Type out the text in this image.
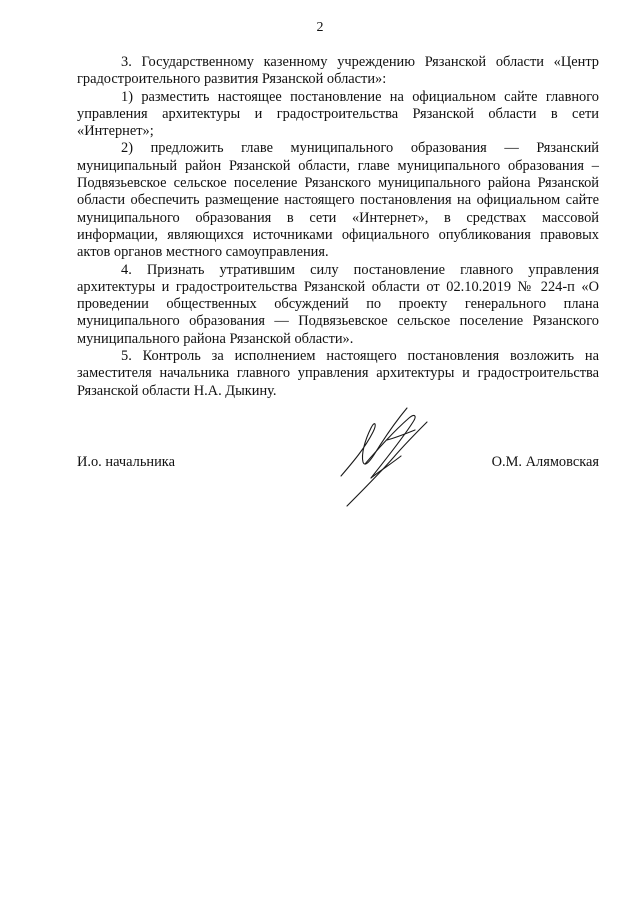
2

3. Государственному казенному учреждению Рязанской области «Центр градостроительного развития Рязанской области»:

1) разместить настоящее постановление на официальном сайте главного управления архитектуры и градостроительства Рязанской области в сети «Интернет»;

2) предложить главе муниципального образования — Рязанский муниципальный район Рязанской области, главе муниципального образования – Подвязьевское сельское поселение Рязанского муниципального района Рязанской области обеспечить размещение настоящего постановления на официальном сайте муниципального образования в сети «Интернет», в средствах массовой информации, являющихся источниками официального опубликования правовых актов органов местного самоуправления.

4. Признать утратившим силу постановление главного управления архитектуры и градостроительства Рязанской области от 02.10.2019 № 224-п «О проведении общественных обсуждений по проекту генерального плана муниципального образования — Подвязьевское сельское поселение Рязанского муниципального района Рязанской области».

5. Контроль за исполнением настоящего постановления возложить на заместителя начальника главного управления архитектуры и градостроительства Рязанской области Н.А. Дыкину.

И.о. начальника	О.М. Алямовская
